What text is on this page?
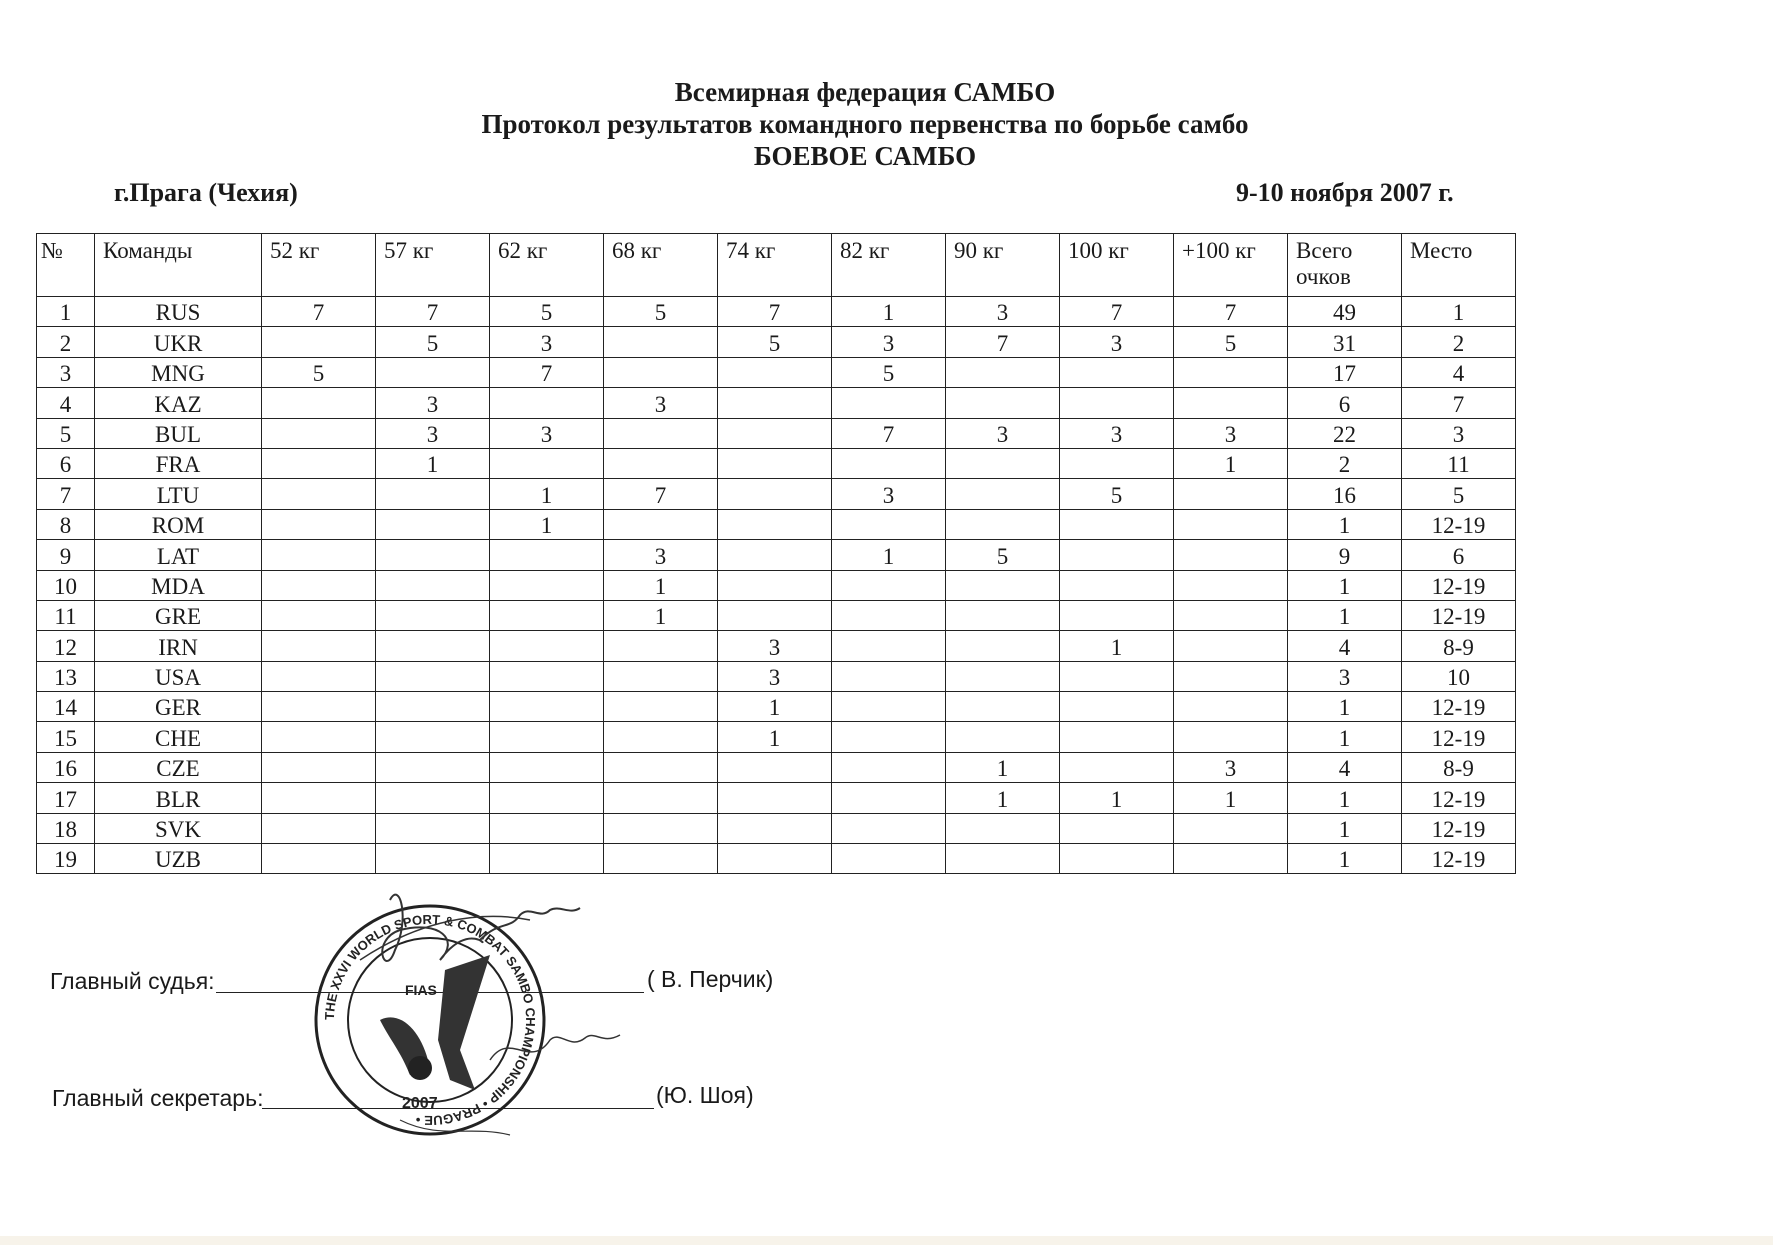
Всемирная федерация САМБО
Протокол результатов командного первенства по борьбе самбо
БОЕВОЕ САМБО
г.Прага (Чехия)	9-10 ноября 2007 г.
№	Команды	52 кг	57 кг	62 кг	68 кг	74 кг	82 кг	90 кг	100 кг	+100 кг	Всего очков	Место
1	RUS	7	7	5	5	7	1	3	7	7	49	1
2	UKR		5	3		5	3	7	3	5	31	2
3	MNG	5		7			5				17	4
4	KAZ		3		3						6	7
5	BUL		3	3			7	3	3	3	22	3
6	FRA		1							1	2	11
7	LTU			1	7		3		5		16	5
8	ROM			1							1	12-19
9	LAT				3		1	5			9	6
10	MDA				1						1	12-19
11	GRE				1						1	12-19
12	IRN					3			1		4	8-9
13	USA					3					3	10
14	GER					1					1	12-19
15	CHE					1					1	12-19
16	CZE							1		3	4	8-9
17	BLR							1	1	1	1	12-19
18	SVK										1	12-19
19	UZB										1	12-19
Главный судья:	( В. Перчик)
Главный секретарь:	(Ю. Шоя)
THE XXVI WORLD SPORT & COMBAT SAMBO CHAMPIONSHIP • PRAGUE •
FIAS
2007
